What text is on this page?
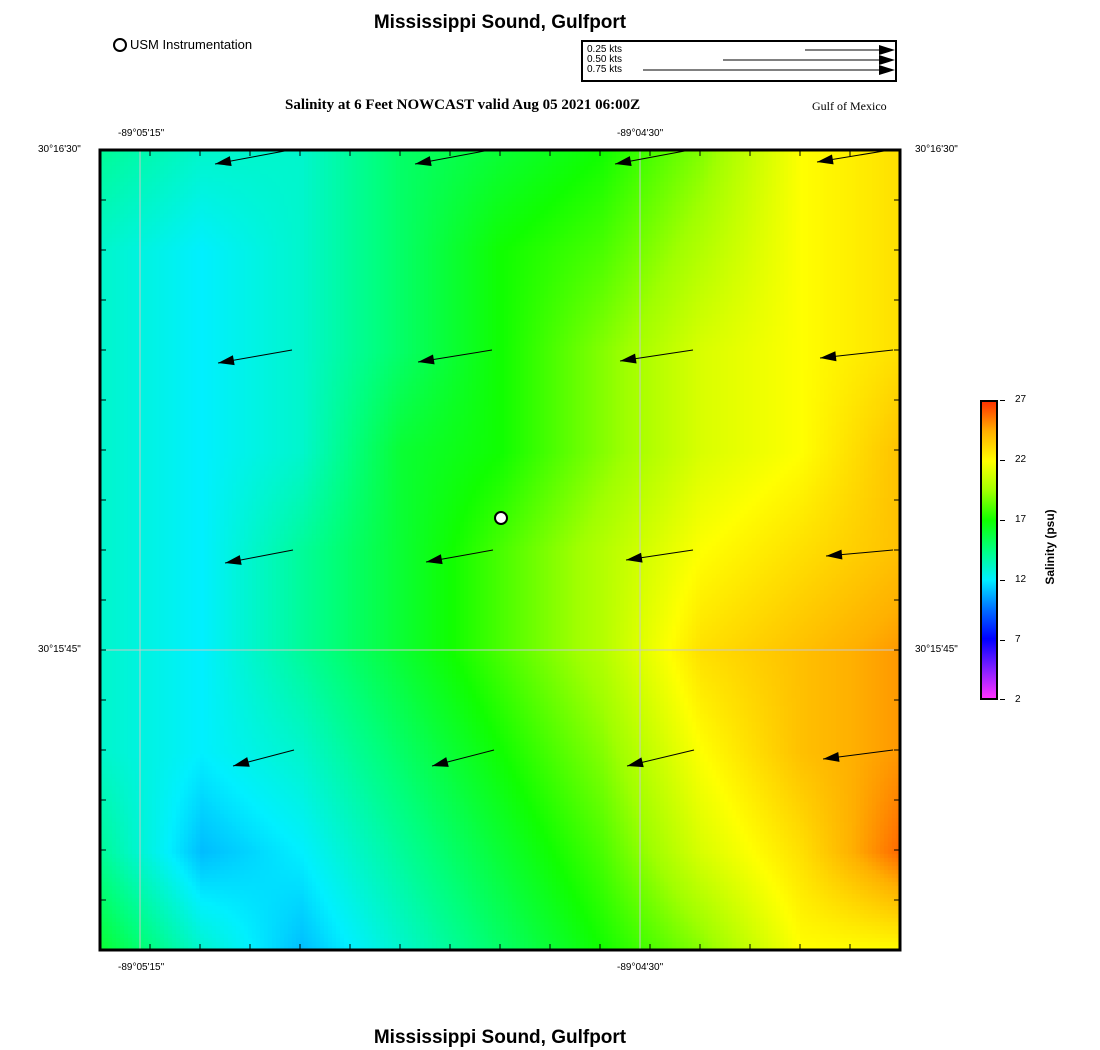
Mississippi Sound, Gulfport
USM Instrumentation	0.25 kts
0.50 kts
0.75 kts
Salinity at 6 Feet NOWCAST valid Aug 05 2021 06:00Z	Gulf of Mexico
-89°05'15"	-89°04'30"
-89°05'15"	-89°04'30"
30°16'30"
30°15'45"
30°16'30"
30°15'45"
27
22
17
12
7
2
Salinity (psu)
Mississippi Sound, Gulfport
